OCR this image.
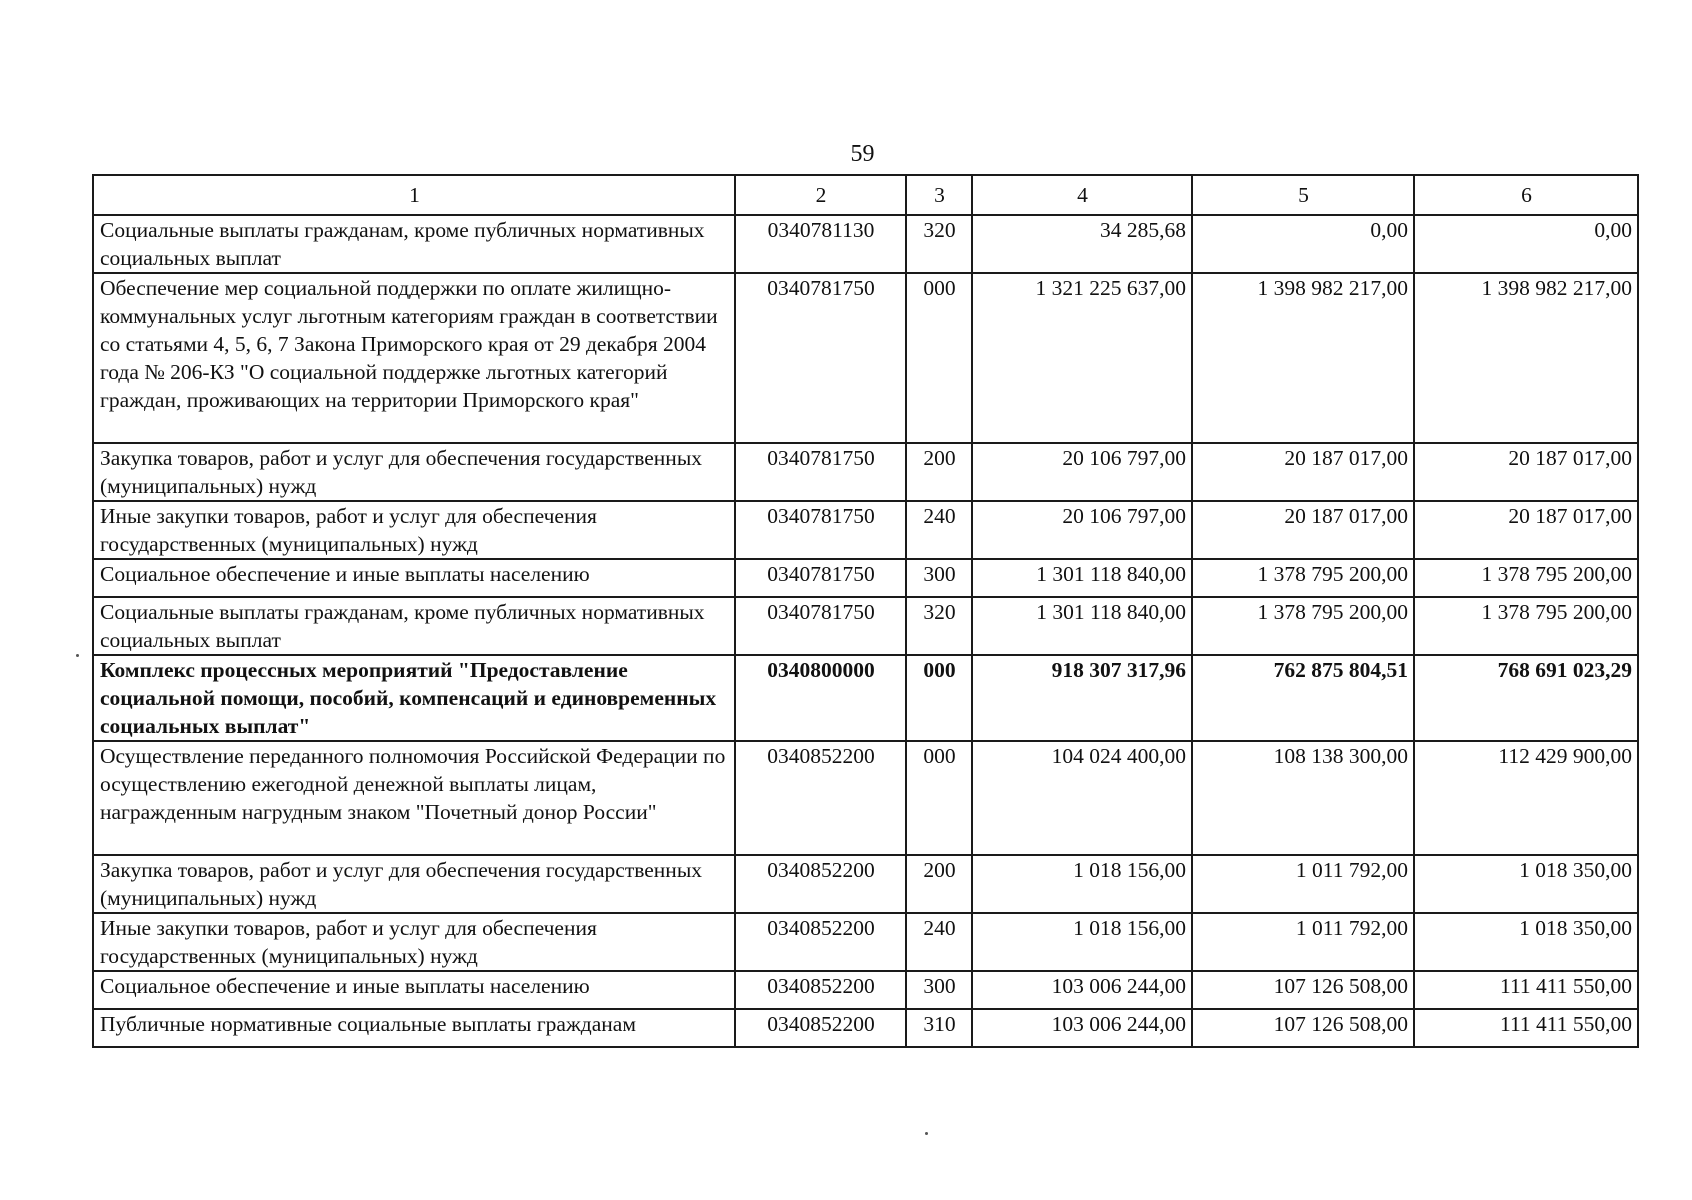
59
1	2	3	4	5	6
Социальные выплаты гражданам, кроме публичных нормативных социальных выплат	0340781130	320	34 285,68	0,00	0,00
Обеспечение мер социальной поддержки по оплате жилищно-коммунальных услуг льготным категориям граждан в соответствии со статьями 4, 5, 6, 7 Закона Приморского края от 29 декабря 2004 года № 206-КЗ "О социальной поддержке льготных категорий граждан, проживающих на территории Приморского края"	0340781750	000	1 321 225 637,00	1 398 982 217,00	1 398 982 217,00
Закупка товаров, работ и услуг для обеспечения государственных (муниципальных) нужд	0340781750	200	20 106 797,00	20 187 017,00	20 187 017,00
Иные закупки товаров, работ и услуг для обеспечения государственных (муниципальных) нужд	0340781750	240	20 106 797,00	20 187 017,00	20 187 017,00
Социальное обеспечение и иные выплаты населению	0340781750	300	1 301 118 840,00	1 378 795 200,00	1 378 795 200,00
Социальные выплаты гражданам, кроме публичных нормативных социальных выплат	0340781750	320	1 301 118 840,00	1 378 795 200,00	1 378 795 200,00
Комплекс процессных мероприятий "Предоставление социальной помощи, пособий, компенсаций и единовременных социальных выплат"	0340800000	000	918 307 317,96	762 875 804,51	768 691 023,29
Осуществление переданного полномочия Российской Федерации по осуществлению ежегодной денежной выплаты лицам, награжденным нагрудным знаком "Почетный донор России"	0340852200	000	104 024 400,00	108 138 300,00	112 429 900,00
Закупка товаров, работ и услуг для обеспечения государственных (муниципальных) нужд	0340852200	200	1 018 156,00	1 011 792,00	1 018 350,00
Иные закупки товаров, работ и услуг для обеспечения государственных (муниципальных) нужд	0340852200	240	1 018 156,00	1 011 792,00	1 018 350,00
Социальное обеспечение и иные выплаты населению	0340852200	300	103 006 244,00	107 126 508,00	111 411 550,00
Публичные нормативные социальные выплаты гражданам	0340852200	310	103 006 244,00	107 126 508,00	111 411 550,00
